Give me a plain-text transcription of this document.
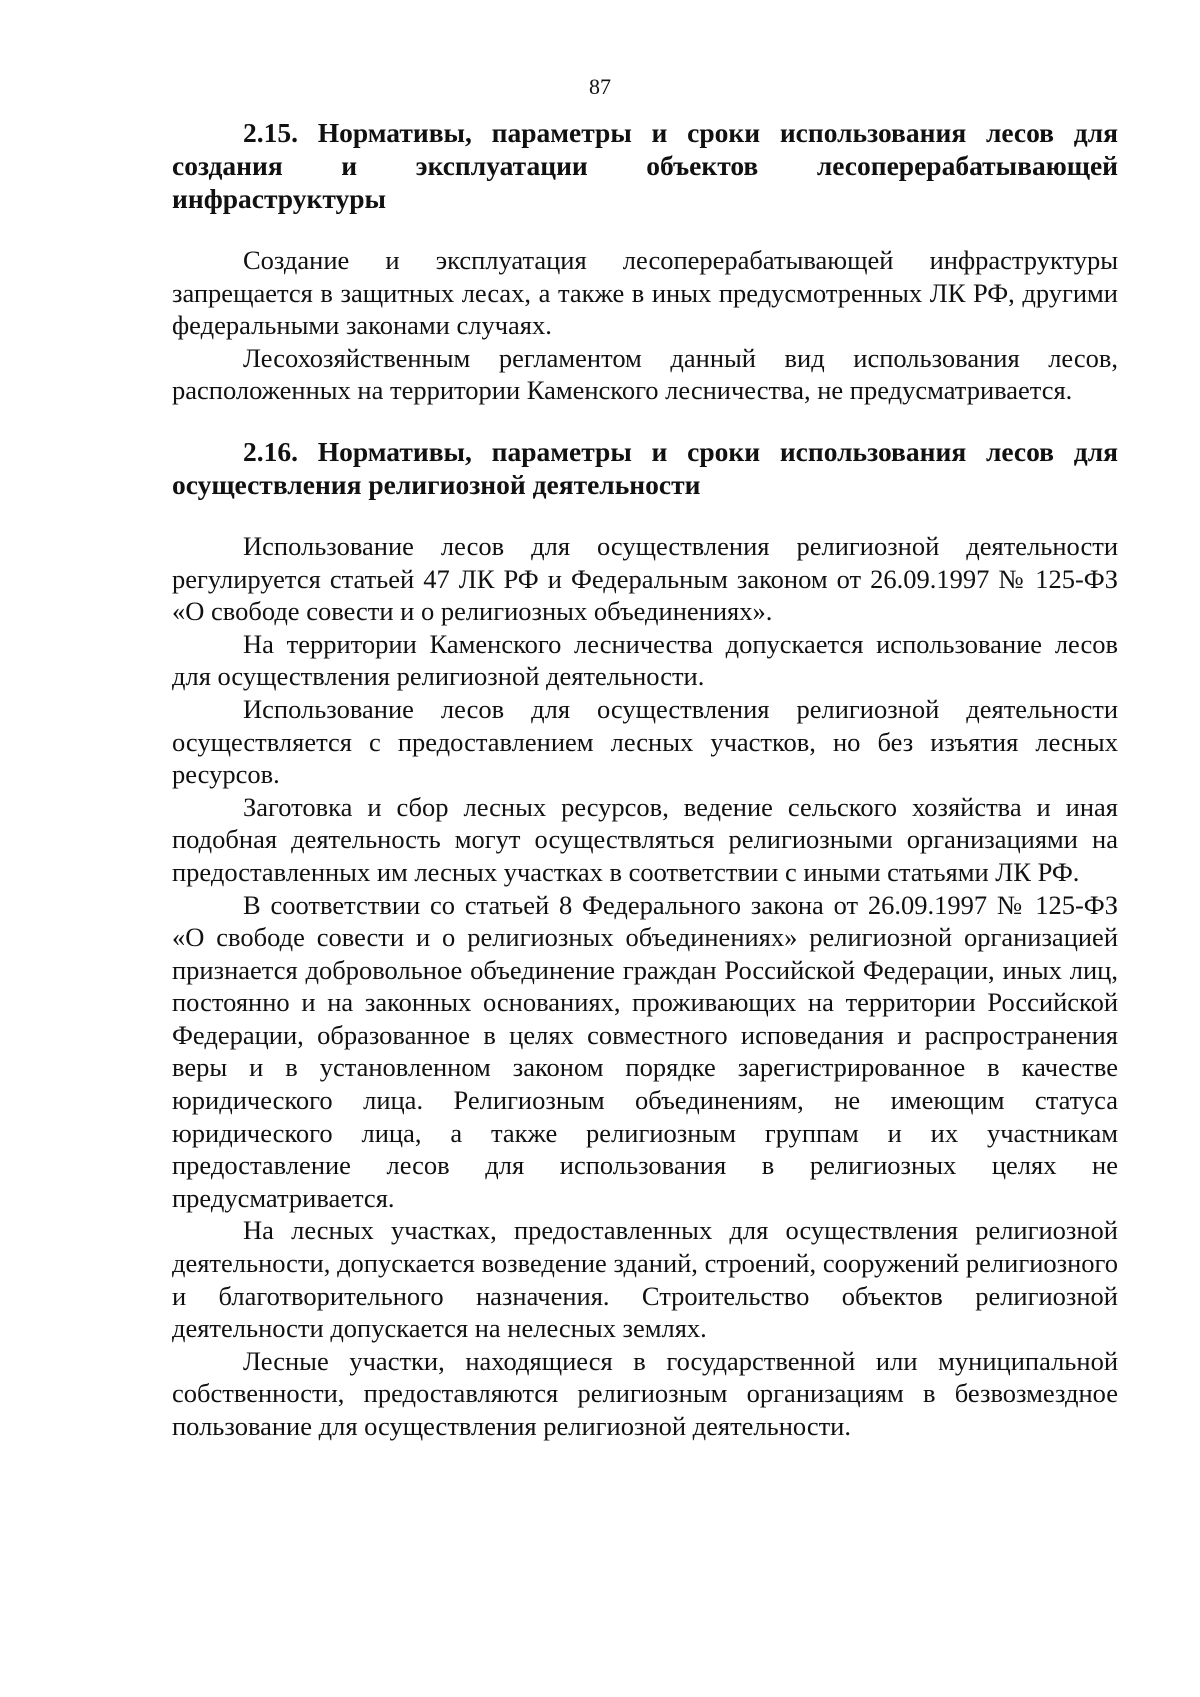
87

2.15. Нормативы, параметры и сроки использования лесов для создания и эксплуатации объектов лесоперерабатывающей инфраструктуры

Создание и эксплуатация лесоперерабатывающей инфраструктуры запрещается в защитных лесах, а также в иных предусмотренных ЛК РФ, другими федеральными законами случаях.

Лесохозяйственным регламентом данный вид использования лесов, расположенных на территории Каменского лесничества, не предусматривается.

2.16. Нормативы, параметры и сроки использования лесов для осуществления религиозной деятельности

Использование лесов для осуществления религиозной деятельности регулируется статьей 47 ЛК РФ и Федеральным законом от 26.09.1997 № 125-ФЗ «О свободе совести и о религиозных объединениях».

На территории Каменского лесничества допускается использование лесов для осуществления религиозной деятельности.

Использование лесов для осуществления религиозной деятельности осуществляется с предоставлением лесных участков, но без изъятия лесных ресурсов.

Заготовка и сбор лесных ресурсов, ведение сельского хозяйства и иная подобная деятельность могут осуществляться религиозными организациями на предоставленных им лесных участках в соответствии с иными статьями ЛК РФ.

В соответствии со статьей 8 Федерального закона от 26.09.1997 № 125-ФЗ «О свободе совести и о религиозных объединениях» религиозной организацией признается добровольное объединение граждан Российской Федерации, иных лиц, постоянно и на законных основаниях, проживающих на территории Российской Федерации, образованное в целях совместного исповедания и распространения веры и в установленном законом порядке зарегистрированное в качестве юридического лица. Религиозным объединениям, не имеющим статуса юридического лица, а также религиозным группам и их участникам предоставление лесов для использования в религиозных целях не предусматривается.

На лесных участках, предоставленных для осуществления религиозной деятельности, допускается возведение зданий, строений, сооружений религиозного и благотворительного назначения. Строительство объектов религиозной деятельности допускается на нелесных землях.

Лесные участки, находящиеся в государственной или муниципальной собственности, предоставляются религиозным организациям в безвозмездное пользование для осуществления религиозной деятельности.
